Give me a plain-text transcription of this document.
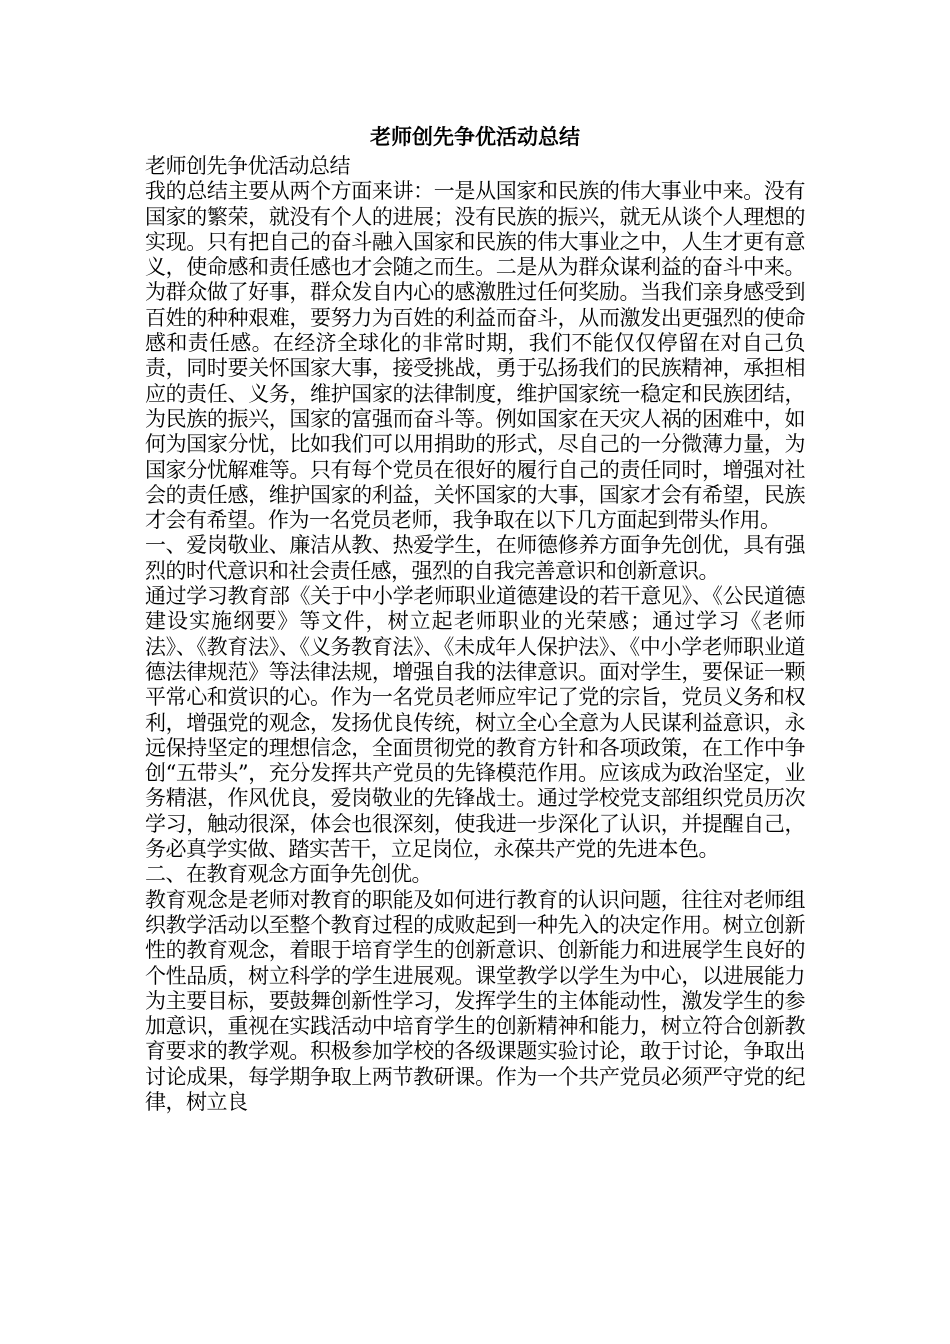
老师创先争优活动总结

老师创先争优活动总结

我的总结主要从两个方面来讲：一是从国家和民族的伟大事业中来。没有国家的繁荣，就没有个人的进展；没有民族的振兴，就无从谈个人理想的实现。只有把自己的奋斗融入国家和民族的伟大事业之中，人生才更有意义，使命感和责任感也才会随之而生。二是从为群众谋利益的奋斗中来。为群众做了好事，群众发自内心的感激胜过任何奖励。当我们亲身感受到百姓的种种艰难，要努力为百姓的利益而奋斗，从而激发出更强烈的使命感和责任感。在经济全球化的非常时期，我们不能仅仅停留在对自己负责，同时要关怀国家大事，接受挑战，勇于弘扬我们的民族精神，承担相应的责任、义务，维护国家的法律制度，维护国家统一稳定和民族团结，为民族的振兴，国家的富强而奋斗等。例如国家在天灾人祸的困难中，如何为国家分忧，比如我们可以用捐助的形式，尽自己的一分微薄力量，为国家分忧解难等。只有每个党员在很好的履行自己的责任同时，增强对社会的责任感，维护国家的利益，关怀国家的大事，国家才会有希望，民族才会有希望。作为一名党员老师，我争取在以下几方面起到带头作用。

一、爱岗敬业、廉洁从教、热爱学生，在师德修养方面争先创优，具有强烈的时代意识和社会责任感，强烈的自我完善意识和创新意识。

通过学习教育部《关于中小学老师职业道德建设的若干意见》、《公民道德建设实施纲要》等文件，树立起老师职业的光荣感；通过学习《老师法》、《教育法》、《义务教育法》、《未成年人保护法》、《中小学老师职业道德法律规范》等法律法规，增强自我的法律意识。面对学生，要保证一颗平常心和赏识的心。作为一名党员老师应牢记了党的宗旨，党员义务和权利，增强党的观念，发扬优良传统，树立全心全意为人民谋利益意识，永远保持坚定的理想信念，全面贯彻党的教育方针和各项政策，在工作中争创“五带头”，充分发挥共产党员的先锋模范作用。应该成为政治坚定，业务精湛，作风优良，爱岗敬业的先锋战士。通过学校党支部组织党员历次学习，触动很深，体会也很深刻，使我进一步深化了认识，并提醒自己，务必真学实做、踏实苦干，立足岗位，永葆共产党的先进本色。

二、在教育观念方面争先创优。

教育观念是老师对教育的职能及如何进行教育的认识问题，往往对老师组织教学活动以至整个教育过程的成败起到一种先入的决定作用。树立创新性的教育观念，着眼于培育学生的创新意识、创新能力和进展学生良好的个性品质，树立科学的学生进展观。课堂教学以学生为中心，以进展能力为主要目标，要鼓舞创新性学习，发挥学生的主体能动性，激发学生的参加意识，重视在实践活动中培育学生的创新精神和能力，树立符合创新教育要求的教学观。积极参加学校的各级课题实验讨论，敢于讨论，争取出讨论成果，每学期争取上两节教研课。作为一个共产党员必须严守党的纪律，树立良
